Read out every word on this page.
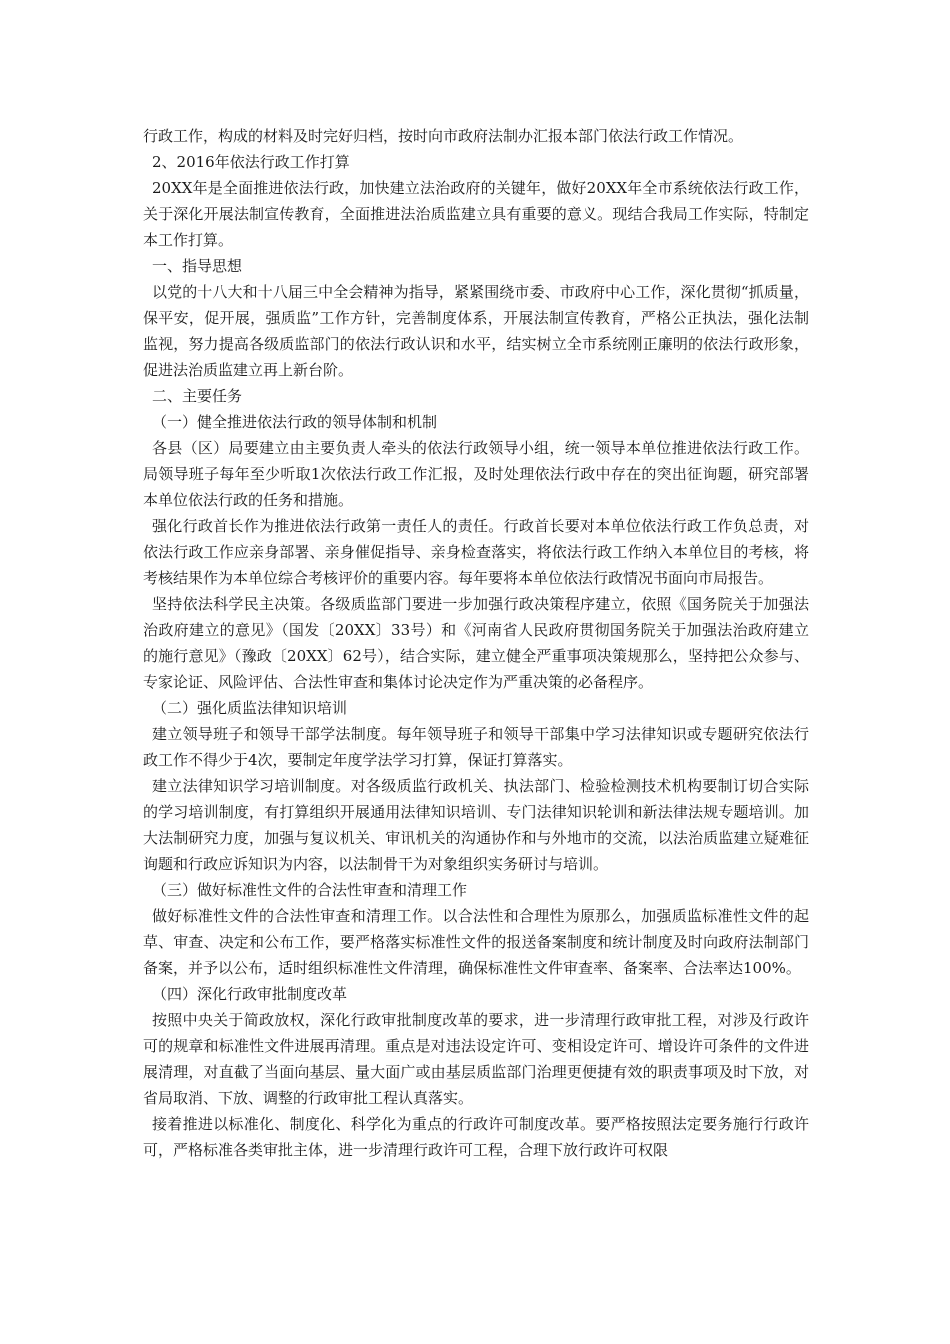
行政工作，构成的材料及时完好归档，按时向市政府法制办汇报本部门依法行政工作情况。

2、2016年依法行政工作打算

20XX年是全面推进依法行政，加快建立法治政府的关键年，做好20XX年全市系统依法行政工作，关于深化开展法制宣传教育，全面推进法治质监建立具有重要的意义。现结合我局工作实际，特制定本工作打算。

一、指导思想

以党的十八大和十八届三中全会精神为指导，紧紧围绕市委、市政府中心工作，深化贯彻“抓质量，保平安，促开展，强质监”工作方针，完善制度体系，开展法制宣传教育，严格公正执法，强化法制监视，努力提高各级质监部门的依法行政认识和水平，结实树立全市系统刚正廉明的依法行政形象，促进法治质监建立再上新台阶。

二、主要任务

（一）健全推进依法行政的领导体制和机制

各县（区）局要建立由主要负责人牵头的依法行政领导小组，统一领导本单位推进依法行政工作。局领导班子每年至少听取1次依法行政工作汇报，及时处理依法行政中存在的突出征询题，研究部署本单位依法行政的任务和措施。

强化行政首长作为推进依法行政第一责任人的责任。行政首长要对本单位依法行政工作负总责，对依法行政工作应亲身部署、亲身催促指导、亲身检查落实，将依法行政工作纳入本单位目的考核，将考核结果作为本单位综合考核评价的重要内容。每年要将本单位依法行政情况书面向市局报告。

坚持依法科学民主决策。各级质监部门要进一步加强行政决策程序建立，依照《国务院关于加强法治政府建立的意见》（国发〔20XX〕33号）和《河南省人民政府贯彻国务院关于加强法治政府建立的施行意见》（豫政〔20XX〕62号），结合实际，建立健全严重事项决策规那么，坚持把公众参与、专家论证、风险评估、合法性审查和集体讨论决定作为严重决策的必备程序。

（二）强化质监法律知识培训

建立领导班子和领导干部学法制度。每年领导班子和领导干部集中学习法律知识或专题研究依法行政工作不得少于4次，要制定年度学法学习打算，保证打算落实。

建立法律知识学习培训制度。对各级质监行政机关、执法部门、检验检测技术机构要制订切合实际的学习培训制度，有打算组织开展通用法律知识培训、专门法律知识轮训和新法律法规专题培训。加大法制研究力度，加强与复议机关、审讯机关的沟通协作和与外地市的交流，以法治质监建立疑难征询题和行政应诉知识为内容，以法制骨干为对象组织实务研讨与培训。

（三）做好标准性文件的合法性审查和清理工作

做好标准性文件的合法性审查和清理工作。以合法性和合理性为原那么，加强质监标准性文件的起草、审查、决定和公布工作，要严格落实标准性文件的报送备案制度和统计制度及时向政府法制部门备案，并予以公布，适时组织标准性文件清理，确保标准性文件审查率、备案率、合法率达100%。

（四）深化行政审批制度改革

按照中央关于简政放权，深化行政审批制度改革的要求，进一步清理行政审批工程，对涉及行政许可的规章和标准性文件进展再清理。重点是对违法设定许可、变相设定许可、增设许可条件的文件进展清理，对直截了当面向基层、量大面广或由基层质监部门治理更便捷有效的职责事项及时下放，对省局取消、下放、调整的行政审批工程认真落实。

接着推进以标准化、制度化、科学化为重点的行政许可制度改革。要严格按照法定要务施行行政许可，严格标准各类审批主体，进一步清理行政许可工程，合理下放行政许可权限
